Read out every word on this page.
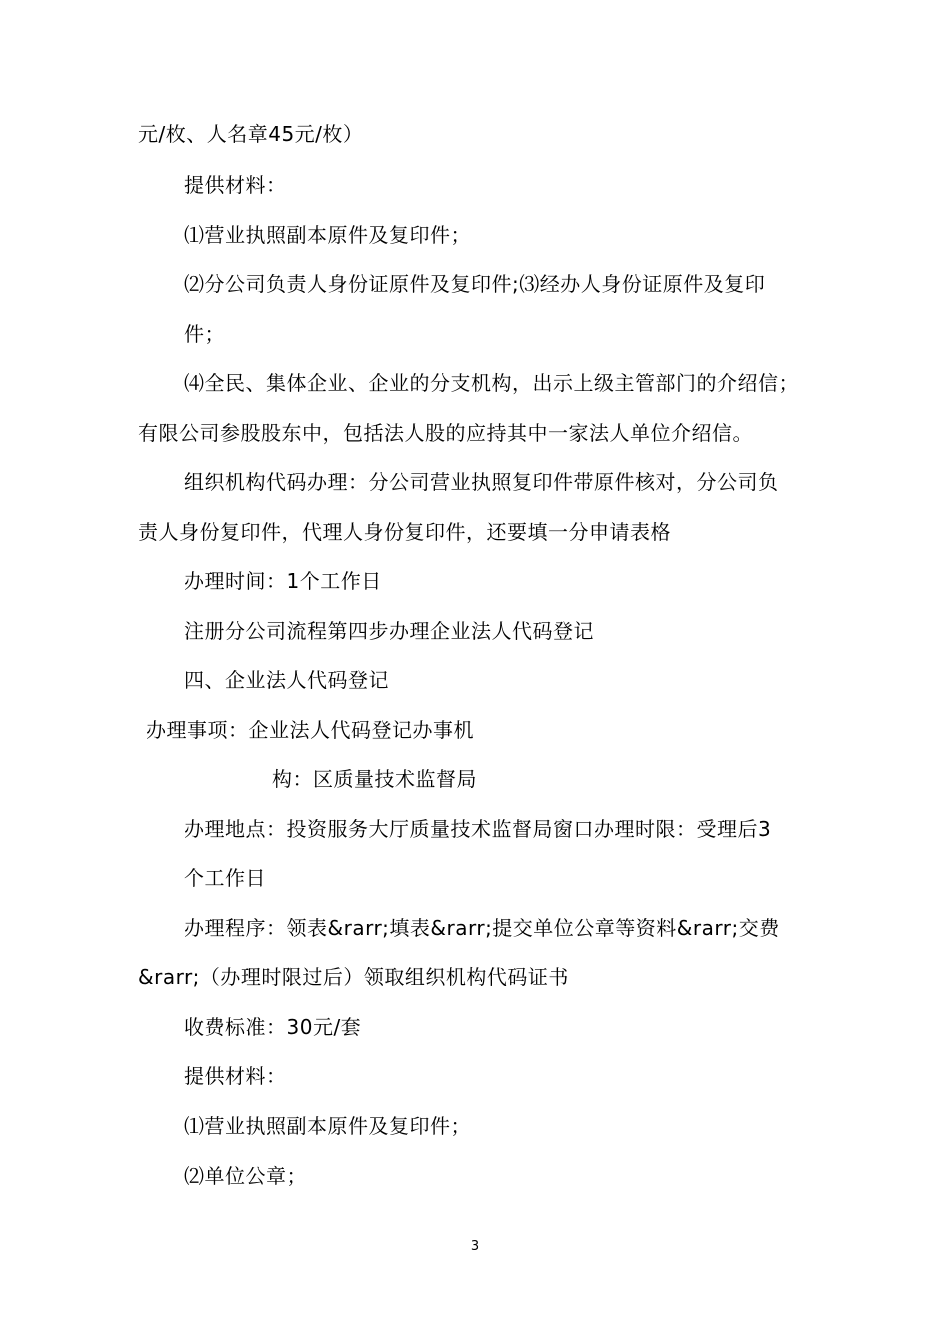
元/枚、人名章45元/枚）
提供材料：
⑴营业执照副本原件及复印件；
⑵分公司负责人身份证原件及复印件;⑶经办人身份证原件及复印
件；
⑷全民、集体企业、企业的分支机构，出示上级主管部门的介绍信；
有限公司参股股东中，包括法人股的应持其中一家法人单位介绍信。
组织机构代码办理：分公司营业执照复印件带原件核对，分公司负
责人身份复印件，代理人身份复印件，还要填一分申请表格
办理时间：1个工作日
注册分公司流程第四步办理企业法人代码登记
四、企业法人代码登记
办理事项：企业法人代码登记办事机
构：区质量技术监督局
办理地点：投资服务大厅质量技术监督局窗口办理时限：受理后3
个工作日
办理程序：领表&rarr;填表&rarr;提交单位公章等资料&rarr;交费
&rarr;（办理时限过后）领取组织机构代码证书
收费标准：30元/套
提供材料：
⑴营业执照副本原件及复印件；
⑵单位公章；
3
